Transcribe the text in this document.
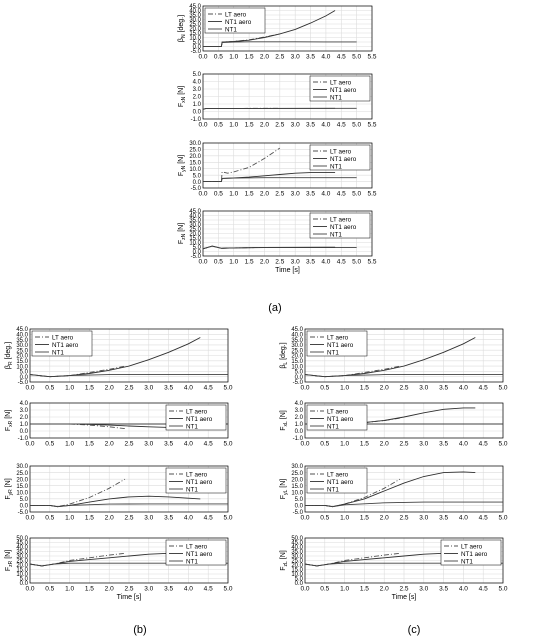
(a)
(b)	(c)
0.0 0.5 1.0 1.5 2.0 2.5 3.0 3.5 4.0 4.5 5.0 5.5
-5.0
0.0
5.0
10.0
15.0
20.0
25.0
30.0
35.0
40.0
45.0
LT aero
NT1 aero
NT1
$\beta_N$ [deg.]
0.0 0.5 1.0 1.5 2.0 2.5 3.0 3.5 4.0 4.5 5.0 5.5
-1.0
0.0
1.0
2.0
3.0
4.0
5.0
LT aero
NT1 aero
NT1
$F_{xN}$ [N]
0.0 0.5 1.0 1.5 2.0 2.5 3.0 3.5 4.0 4.5 5.0 5.5
-5.0
0.0
5.0
10.0
15.0
20.0
25.0
30.0
LT aero
NT1 aero
NT1
$F_{yN}$ [N]
0.0 0.5 1.0 1.5 2.0 2.5 3.0 3.5 4.0 4.5 5.0 5.5
-5.0
0.0
5.0
10.0
15.0
20.0
25.0
30.0
35.0
40.0
45.0
LT aero
NT1 aero
NT1
$F_{zN}$ [N]
Time [s]
0.0 0.5 1.0 1.5 2.0 2.5 3.0 3.5 4.0 4.5 5.0
-5.0
0.0
5.0
10.0
15.0
20.0
25.0
30.0
35.0
40.0
45.0
LT aero
NT1 aero
NT1
$\beta_R$ [deg.]
0.0 0.5 1.0 1.5 2.0 2.5 3.0 3.5 4.0 4.5 5.0
-1.0
0.0
1.0
2.0
3.0
4.0
LT aero
NT1 aero
NT1
$F_{xR}$ [N]
0.0 0.5 1.0 1.5 2.0 2.5 3.0 3.5 4.0 4.5 5.0
-5.0
0.0
5.0
10.0
15.0
20.0
25.0
30.0
LT aero
NT1 aero
NT1
$F_{yR}$ [N]
0.0 0.5 1.0 1.5 2.0 2.5 3.0 3.5 4.0 4.5 5.0
0.0
5.0
10.0
15.0
20.0
25.0
30.0
35.0
40.0
45.0
50.0
LT aero
NT1 aero
NT1
$F_{zR}$ [N]
Time [s]
0.0 0.5 1.0 1.5 2.0 2.5 3.0 3.5 4.0 4.5 5.0
-5.0
0.0
5.0
10.0
15.0
20.0
25.0
30.0
35.0
40.0
45.0
LT aero
NT1 aero
NT1
$\beta_L$ [deg.]
0.0 0.5 1.0 1.5 2.0 2.5 3.0 3.5 4.0 4.5 5.0
-1.0
0.0
1.0
2.0
3.0
4.0
LT aero
NT1 aero
NT1
$F_{xL}$ [N]
0.0 0.5 1.0 1.5 2.0 2.5 3.0 3.5 4.0 4.5 5.0
-5.0
0.0
5.0
10.0
15.0
20.0
25.0
30.0
LT aero
NT1 aero
NT1
$F_{yL}$ [N]
0.0 0.5 1.0 1.5 2.0 2.5 3.0 3.5 4.0 4.5 5.0
0.0
5.0
10.0
15.0
20.0
25.0
30.0
35.0
40.0
45.0
50.0
LT aero
NT1 aero
NT1
$F_{zL}$ [N]
Time [s]
